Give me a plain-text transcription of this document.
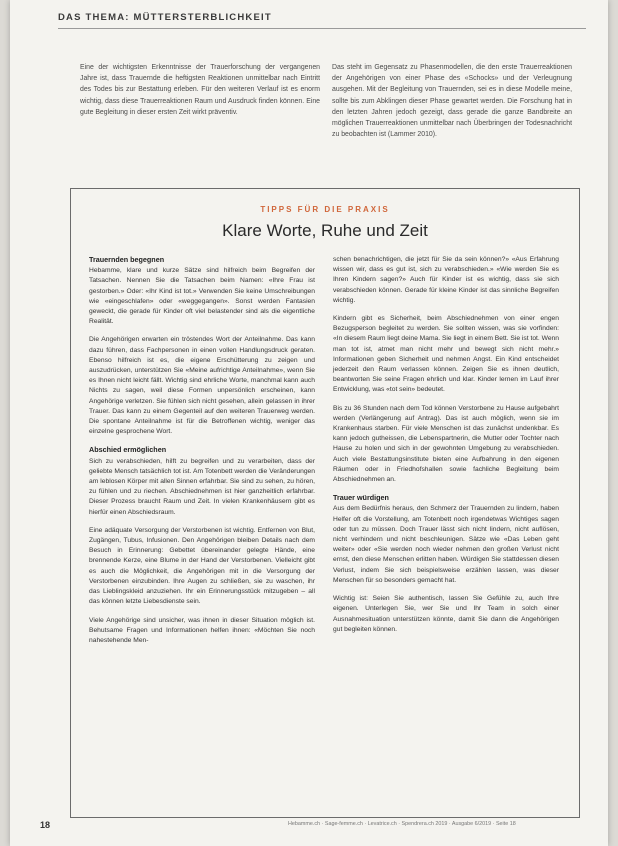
DAS THEMA: MÜTTERSTERBLICHKEIT
Eine der wichtigsten Erkenntnisse der Trauerforschung der vergangenen Jahre ist, dass Trauernde die heftigsten Reaktionen unmittelbar nach Eintritt des Todes bis zur Bestattung erleben. Für den weiteren Verlauf ist es enorm wichtig, dass diese Trauerreaktionen Raum und Ausdruck finden können. Eine gute Begleitung in dieser ersten Zeit wirkt präventiv.
Das steht im Gegensatz zu Phasenmodellen, die den erste Trauerreaktionen der Angehörigen von einer Phase des «Schocks» und der Verleugnung ausgehen. Mit der Begleitung von Trauernden, sei es in diese Modelle meine, sollte bis zum Abklingen dieser Phase gewartet werden. Die Forschung hat in den letzten Jahren jedoch gezeigt, dass gerade die ganze Bandbreite an möglichen Trauerreaktionen unmittelbar nach Überbringen der Todesnachricht zu beobachten ist (Lammer 2010).
TIPPS FÜR DIE PRAXIS
Klare Worte, Ruhe und Zeit
Trauernden begegnen

Hebamme, klare und kurze Sätze sind hilfreich beim Begreifen der Tatsachen. Nennen Sie die Tatsachen beim Namen: «Ihre Frau ist gestorben.» Oder: «Ihr Kind ist tot.» Verwenden Sie keine Umschreibungen wie «eingeschlafen» oder «weggegangen». Sonst werden Fantasien geweckt, die gerade für Kinder oft viel belastender sind als die eigentliche Realität.

Die Angehörigen erwarten ein tröstendes Wort der Anteilnahme. Das kann dazu führen, dass Fachpersonen in einen vollen Handlungsdruck geraten. Ebenso hilfreich ist es, die eigene Erschütterung zu zeigen und auszudrücken, unterstützen Sie «Meine aufrichtige Anteilnahme», wenn Sie es Ihnen nicht leicht fällt. Wichtig sind ehrliche Worte, manchmal kann auch Nichts zu sagen, weil diese Formen unpersönlich erscheinen, kann Angehörige verletzen. Sie fühlen sich nicht gesehen, allein gelassen in ihrer Trauer. Das kann zu einem Gegenteil auf den weiteren Trauerweg werden. Die spontane Anteilnahme ist für die Betroffenen wichtig, weniger das einzelne gesprochene Wort.

Abschied ermöglichen

Sich zu verabschieden, hilft zu begreifen und zu verarbeiten, dass der geliebte Mensch tatsächlich tot ist. Am Totenbett werden die Veränderungen am leblosen Körper mit allen Sinnen erfahrbar. Sie sind zu sehen, zu hören, zu fühlen und zu riechen. Abschiednehmen ist hier ganzheitlich erfahrbar. Dieser Prozess braucht Raum und Zeit. In vielen Krankenhäusern gibt es hierfür einen Abschiedsraum.

Eine adäquate Versorgung der Verstorbenen ist wichtig. Entfernen von Blut, Zugängen, Tubus, Infusionen. Den Angehörigen bleiben Details nach dem Besuch in Erinnerung: Gebettet übereinander gelegte Hände, eine brennende Kerze, eine Blume in der Hand der Verstorbenen. Vielleicht gibt es auch die Möglichkeit, die Angehörigen mit in die Versorgung der Verstorbenen einzubinden. Ihre Augen zu schließen, sie zu waschen, ihr das Lieblingskleid anzuziehen. Ihr ein Erinnerungsstück mitzugeben – all das können letzte Liebesdienste sein.

Viele Angehörige sind unsicher, was ihnen in dieser Situation möglich ist. Behutsame Fragen und Informationen helfen ihnen: «Möchten Sie noch nahestehende Men-

schen benachrichtigen, die jetzt für Sie da sein können?» «Aus Erfahrung wissen wir, dass es gut ist, sich zu verabschieden.» «Wie werden Sie es Ihren Kindern sagen?» Auch für Kinder ist es wichtig, dass sie sich verabschieden können. Gerade für kleine Kinder ist das sinnliche Begreifen wichtig.

Kindern gibt es Sicherheit, beim Abschiednehmen von einer engen Bezugsperson begleitet zu werden. Sie sollten wissen, was sie vorfinden: «In diesem Raum liegt deine Mama. Sie liegt in einem Bett. Sie ist tot. Wenn man tot ist, atmet man nicht mehr und bewegt sich nicht mehr.» Informationen geben Sicherheit und nehmen Angst. Ein Kind entscheidet jederzeit den Raum verlassen können. Zeigen Sie es ihnen deutlich, beantworten Sie seine Fragen ehrlich und klar. Kinder lernen im Lauf ihrer Entwicklung, was «tot sein» bedeutet.

Bis zu 36 Stunden nach dem Tod können Verstorbene zu Hause aufgebahrt werden (Verlängerung auf Antrag). Das ist auch möglich, wenn sie im Krankenhaus starben. Für viele Menschen ist das zunächst undenkbar. Es kann jedoch gutheissen, die Lebenspartnerin, die Mutter oder Tochter nach Hause zu holen und sich in der gewohnten Umgebung zu verabschieden. Auch viele Bestattungsinstitute bieten eine Aufbahrung in den eigenen Räumen oder in Friedhofshallen sowie fachliche Begleitung beim Abschiednehmen an.

Trauer würdigen

Aus dem Bedürfnis heraus, den Schmerz der Trauernden zu lindern, haben Helfer oft die Vorstellung, am Totenbett noch irgendetwas Wichtiges sagen oder tun zu müssen. Doch Trauer lässt sich nicht lindern, nicht auflösen, nicht verhindern und nicht beschleunigen. Sätze wie «Das Leben geht weiter» oder «Sie werden noch wieder nehmen den großen Verlust nicht ernst, den diese Menschen erlitten haben. Würdigen Sie stattdessen diesen Verlust, indem Sie sich beispielsweise erzählen lassen, was dieser Menschen für so besonders gemacht hat.

Wichtig ist: Seien Sie authentisch, lassen Sie Gefühle zu, auch Ihre eigenen. Unterlegen Sie, wer Sie und Ihr Team in solch einer Ausnahmesituation unterstützen könnte, damit Sie dann die Angehörigen gut begleiten können.

18	Hebamme.ch · Sage-femme.ch · Levatrice.ch · Spendrera.ch 2019 · Ausgabe 6/2019 · Seite 18
